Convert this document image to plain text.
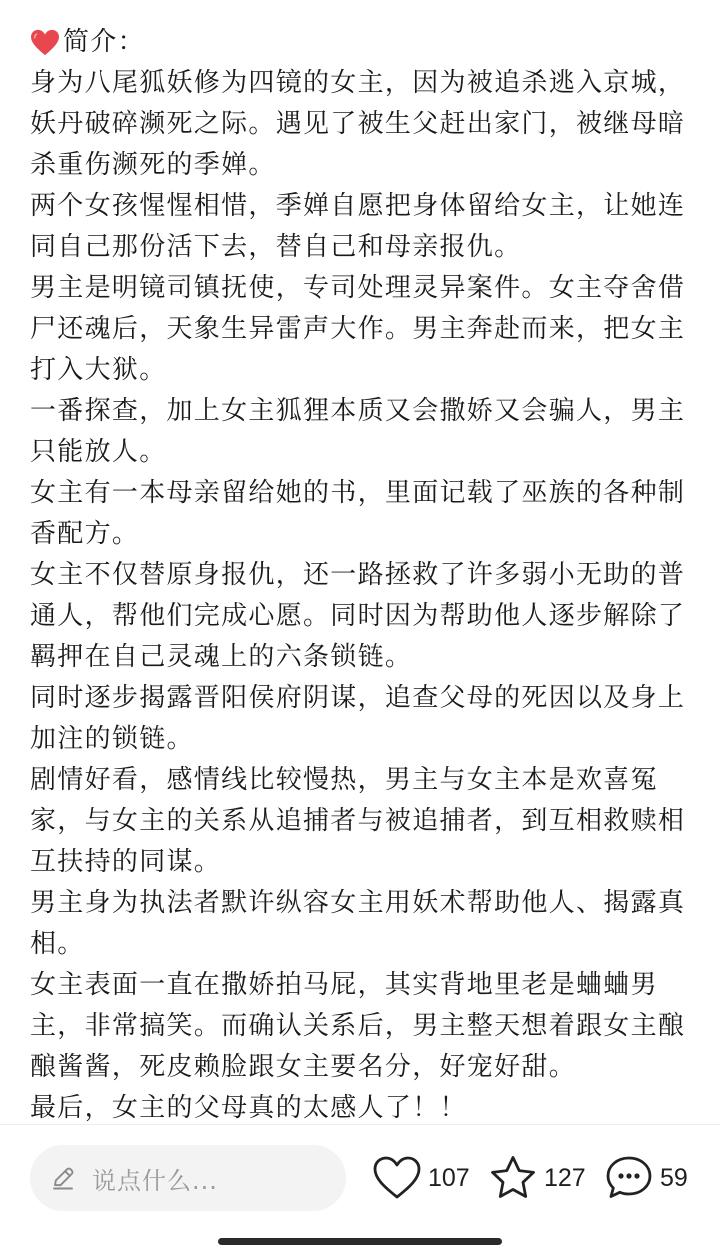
简介：

身为八尾狐妖修为四镜的女主，因为被追杀逃入京城，妖丹破碎濒死之际。遇见了被生父赶出家门，被继母暗杀重伤濒死的季婵。

两个女孩惺惺相惜，季婵自愿把身体留给女主，让她连同自己那份活下去，替自己和母亲报仇。

男主是明镜司镇抚使，专司处理灵异案件。女主夺舍借尸还魂后，天象生异雷声大作。男主奔赴而来，把女主打入大狱。

一番探查，加上女主狐狸本质又会撒娇又会骗人，男主只能放人。

女主有一本母亲留给她的书，里面记载了巫族的各种制香配方。

女主不仅替原身报仇，还一路拯救了许多弱小无助的普通人，帮他们完成心愿。同时因为帮助他人逐步解除了羁押在自己灵魂上的六条锁链。

同时逐步揭露晋阳侯府阴谋，追查父母的死因以及身上加注的锁链。

剧情好看，感情线比较慢热，男主与女主本是欢喜冤家，与女主的关系从追捕者与被追捕者，到互相救赎相互扶持的同谋。

男主身为执法者默许纵容女主用妖术帮助他人、揭露真相。

女主表面一直在撒娇拍马屁，其实背地里老是蛐蛐男主，非常搞笑。而确认关系后，男主整天想着跟女主酿酿酱酱，死皮赖脸跟女主要名分，好宠好甜。

最后，女主的父母真的太感人了！！

说点什么...	107	127	59
